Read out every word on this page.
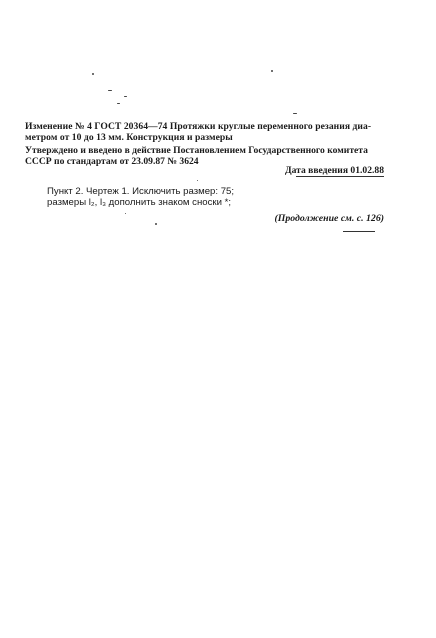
Изменение № 4 ГОСТ 20364—74 Протяжки круглые переменного резания диа-
метром от 10 до 13 мм. Конструкция и размеры
Утверждено и введено в действие Постановлением Государственного комитета
СССР по стандартам от 23.09.87 № 3624
Дата введения 01.02.88
Пункт 2. Чертеж 1. Исключить размер: 75;
размеры l₂, l₃ дополнить знаком сноски *;
(Продолжение см. с. 126)
